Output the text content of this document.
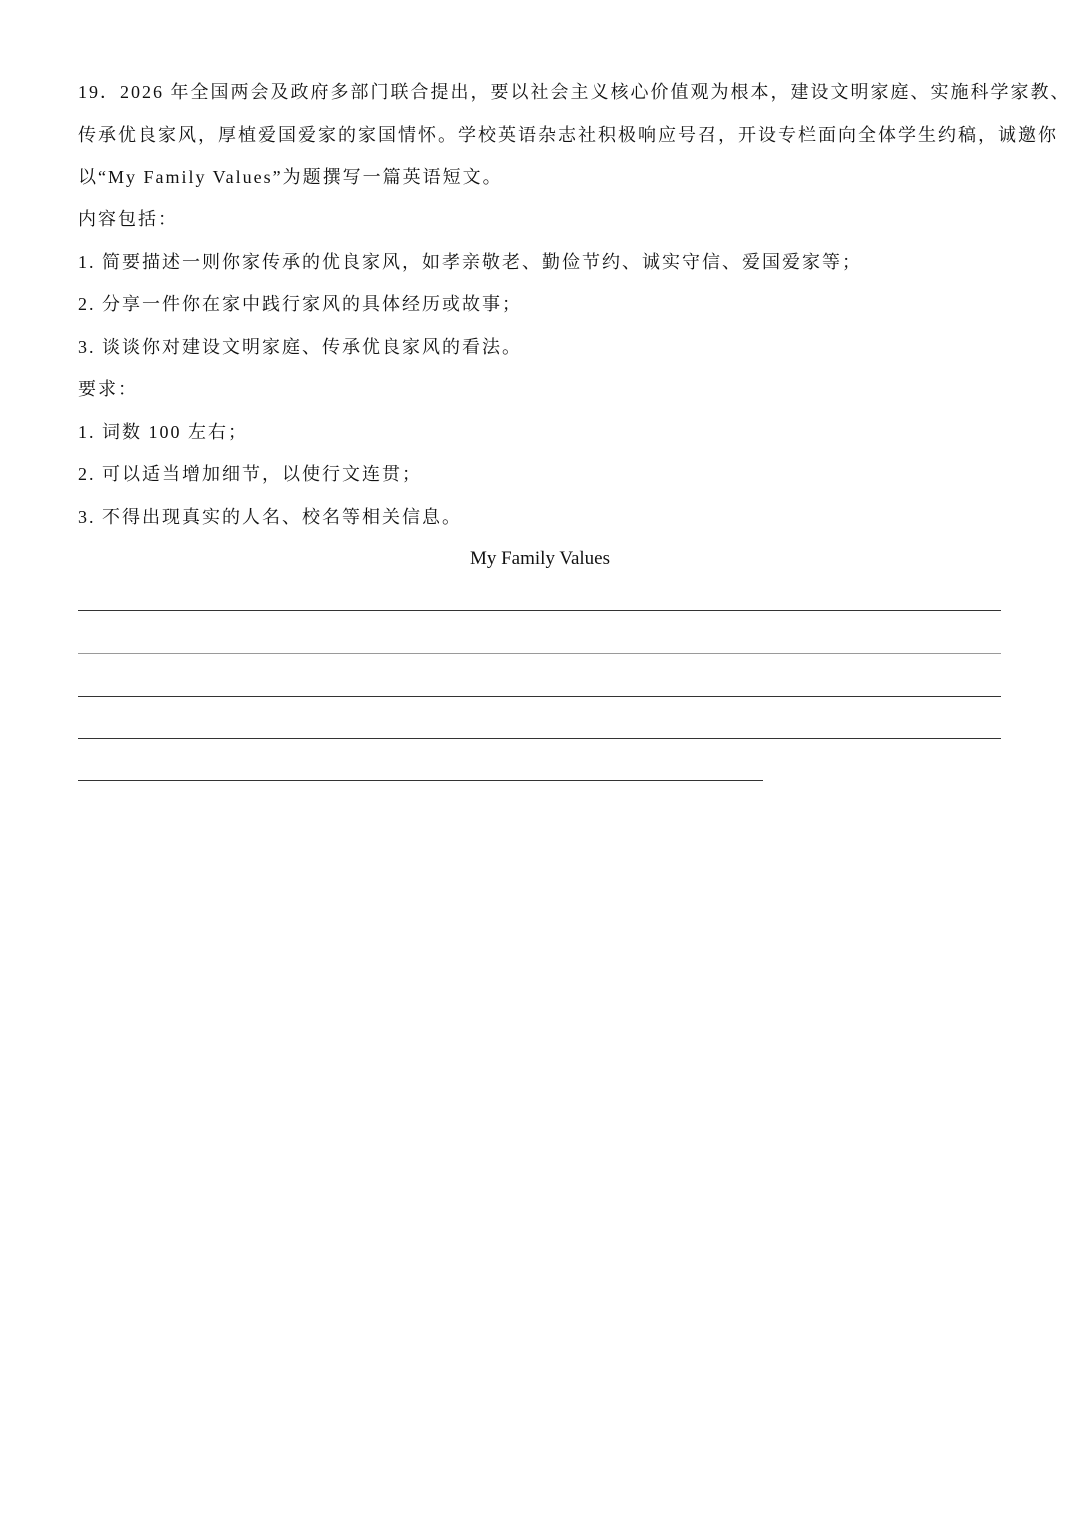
19．2026 年全国两会及政府多部门联合提出，要以社会主义核心价值观为根本，建设文明家庭、实施科学家教、
传承优良家风，厚植爱国爱家的家国情怀。学校英语杂志社积极响应号召，开设专栏面向全体学生约稿，诚邀你
以“My Family Values”为题撰写一篇英语短文。
内容包括：
1. 简要描述一则你家传承的优良家风，如孝亲敬老、勤俭节约、诚实守信、爱国爱家等；
2. 分享一件你在家中践行家风的具体经历或故事；
3. 谈谈你对建设文明家庭、传承优良家风的看法。
要求：
1. 词数 100 左右；
2. 可以适当增加细节，以使行文连贯；
3. 不得出现真实的人名、校名等相关信息。
My Family Values
